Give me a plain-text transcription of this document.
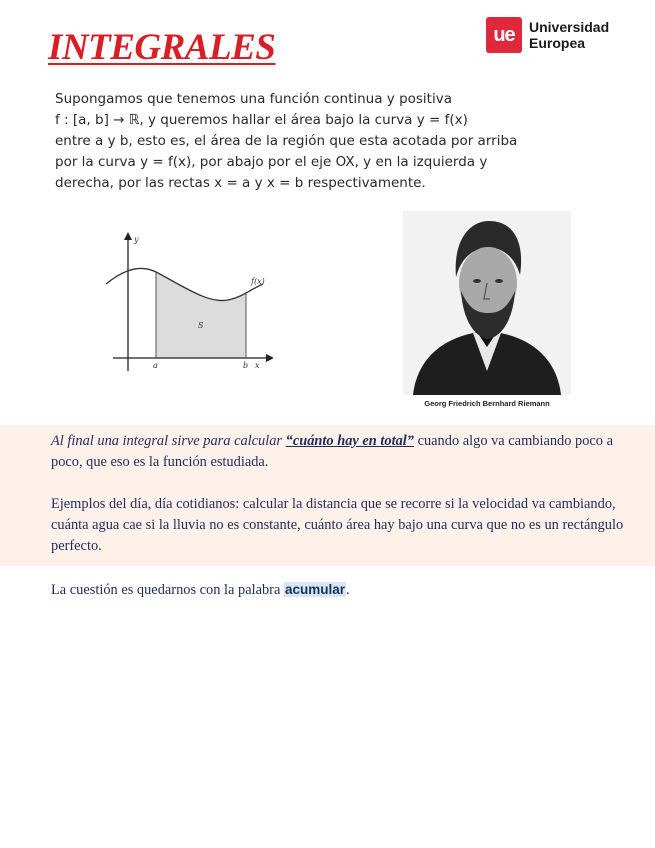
INTEGRALES	ue	Universidad
Europea
Supongamos que tenemos una función continua y positiva
f : [a, b] → ℝ, y queremos hallar el área bajo la curva y = f(x)
entre a y b, esto es, el área de la región que esta acotada por arriba
por la curva y = f(x), por abajo por el eje OX, y en la izquierda y
derecha, por las rectas x = a y x = b respectivamente.
y
x
a	b
f(x)
S
Georg Friedrich Bernhard Riemann

Al final una integral sirve para calcular “cuánto hay en total” cuando algo va cambiando poco a poco, que eso es la función estudiada.

Ejemplos del día, día cotidianos: calcular la distancia que se recorre si la velocidad va cambiando, cuánta agua cae si la lluvia no es constante, cuánto área hay bajo una curva que no es un rectángulo perfecto.

La cuestión es quedarnos con la palabra acumular.
